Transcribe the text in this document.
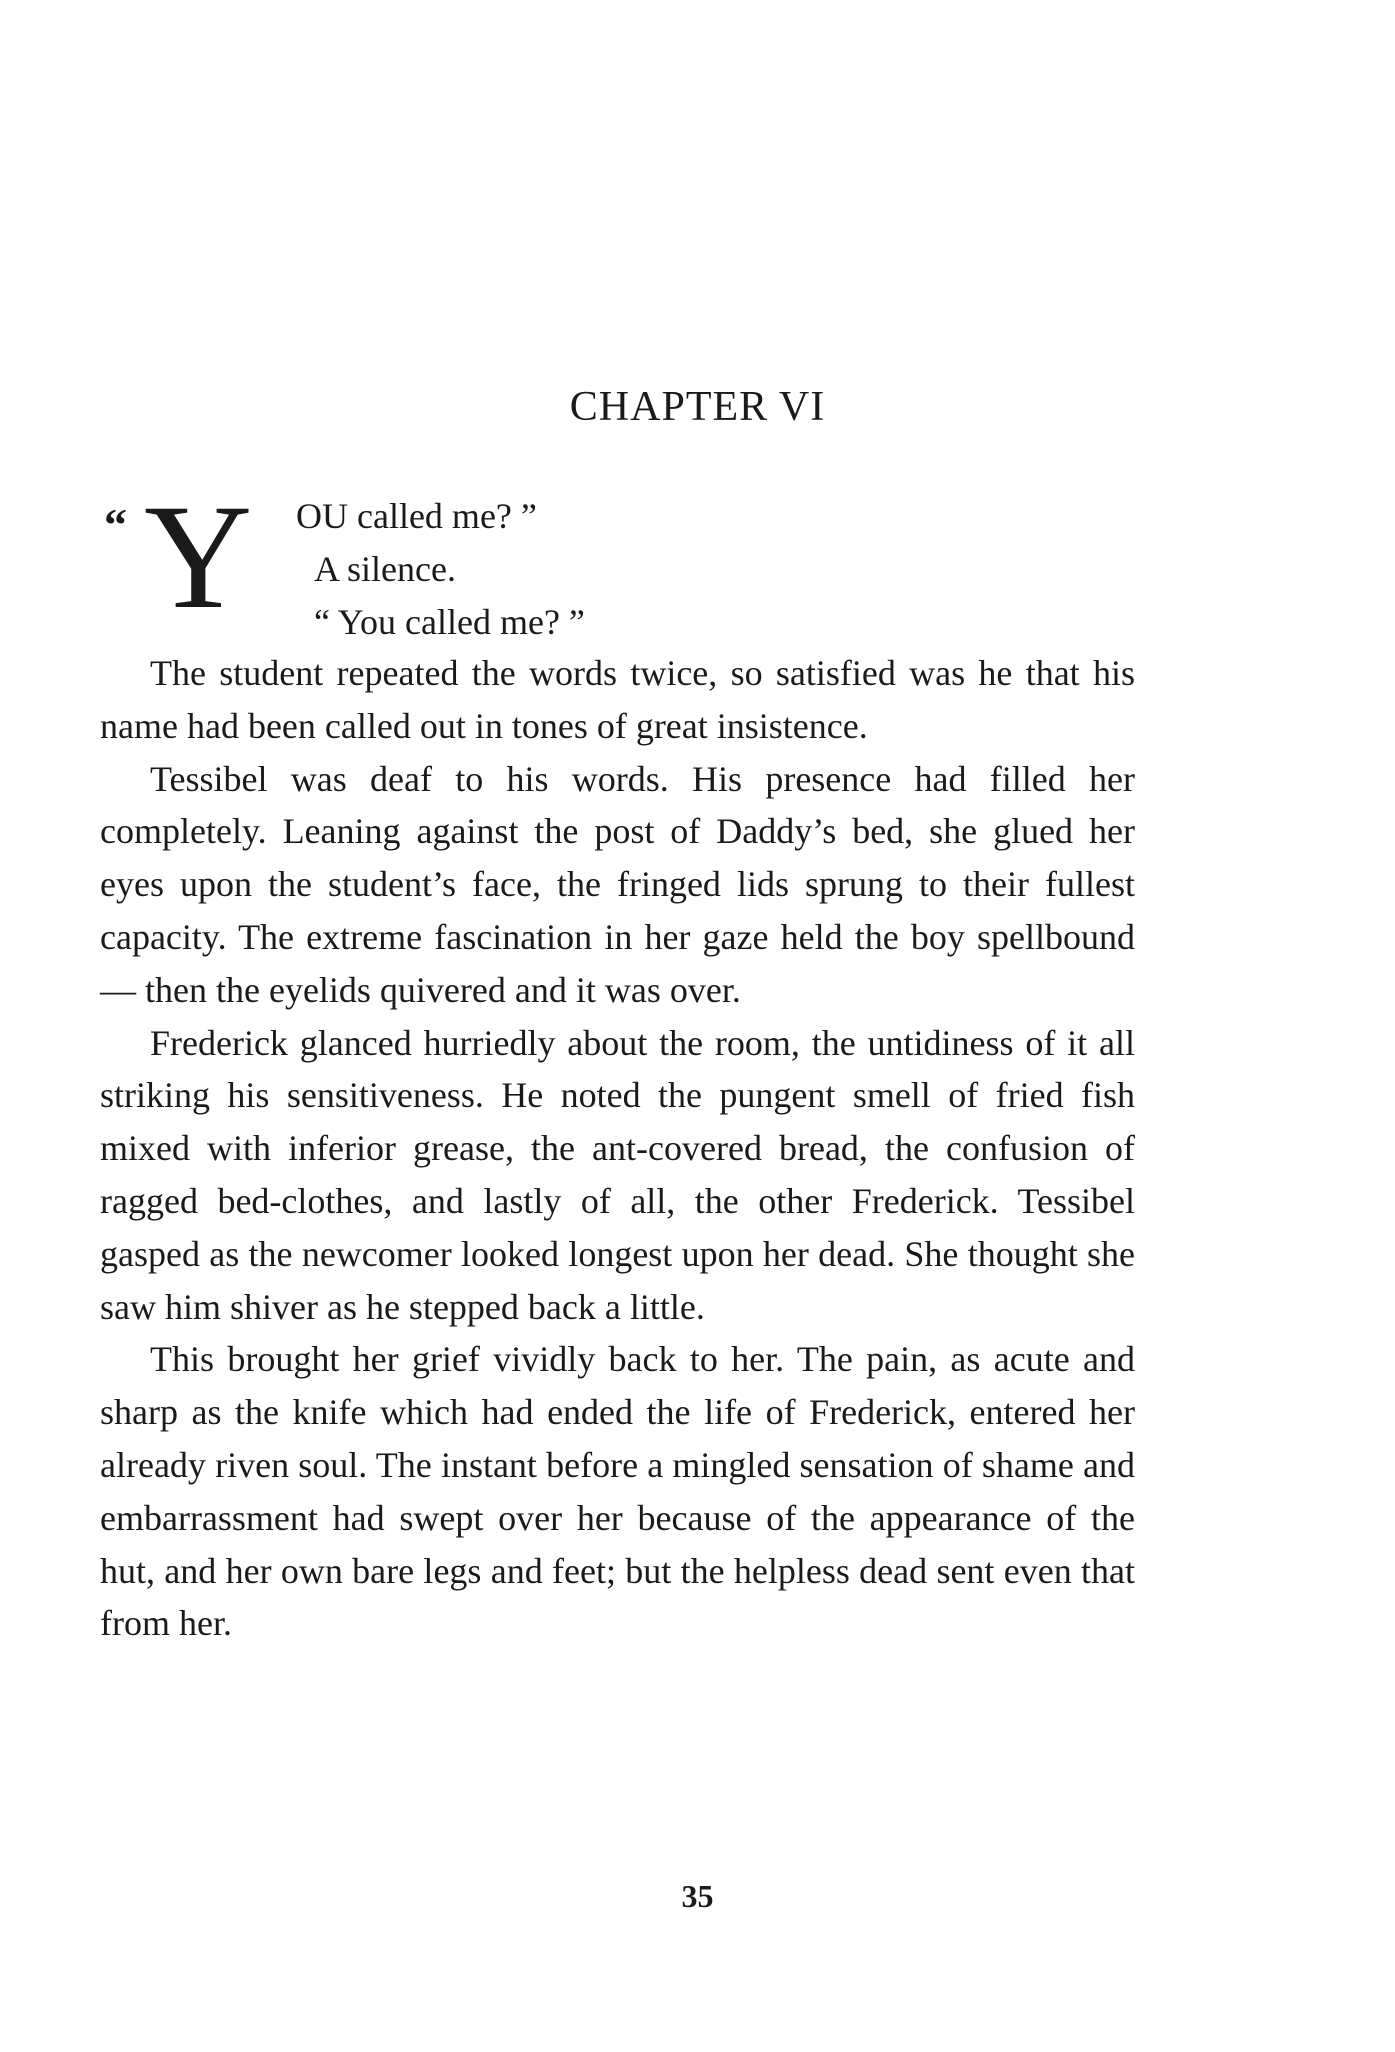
CHAPTER VI
“ Y OU called me? ”
A silence.
“ You called me? ”

The student repeated the words twice, so satisfied was he that his name had been called out in tones of great insistence.

Tessibel was deaf to his words. His presence had filled her completely. Leaning against the post of Daddy’s bed, she glued her eyes upon the student’s face, the fringed lids sprung to their fullest capacity. The extreme fascination in her gaze held the boy spellbound — then the eyelids quivered and it was over.

Frederick glanced hurriedly about the room, the untidiness of it all striking his sensitiveness. He noted the pungent smell of fried fish mixed with inferior grease, the ant-covered bread, the confusion of ragged bed-clothes, and lastly of all, the other Frederick. Tessibel gasped as the newcomer looked longest upon her dead. She thought she saw him shiver as he stepped back a little.

This brought her grief vividly back to her. The pain, as acute and sharp as the knife which had ended the life of Frederick, entered her already riven soul. The instant before a mingled sensation of shame and embarrassment had swept over her because of the appearance of the hut, and her own bare legs and feet; but the helpless dead sent even that from her.

35
